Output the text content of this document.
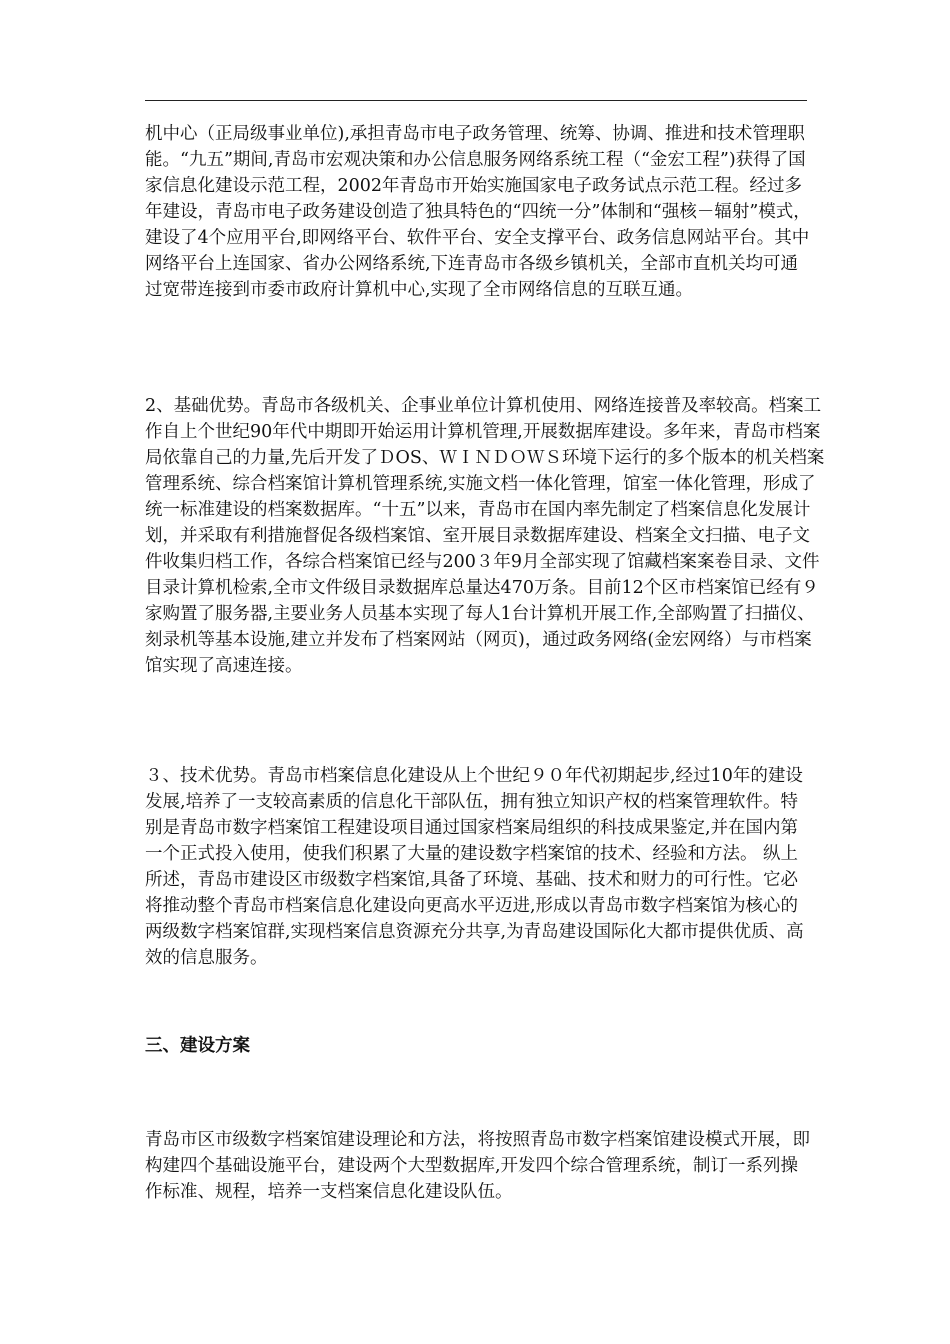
机中心（正局级事业单位),承担青岛市电子政务管理、统筹、协调、推进和技术管理职能。“九五”期间,青岛市宏观决策和办公信息服务网络系统工程（“金宏工程”)获得了国家信息化建设示范工程，2002年青岛市开始实施国家电子政务试点示范工程。经过多年建设，青岛市电子政务建设创造了独具特色的“四统一分”体制和“强核－辐射”模式，建设了4个应用平台,即网络平台、软件平台、安全支撑平台、政务信息网站平台。其中网络平台上连国家、省办公网络系统,下连青岛市各级乡镇机关，全部市直机关均可通过宽带连接到市委市政府计算机中心,实现了全市网络信息的互联互通。

2、基础优势。青岛市各级机关、企事业单位计算机使用、网络连接普及率较高。档案工作自上个世纪90年代中期即开始运用计算机管理,开展数据库建设。多年来，青岛市档案局依靠自己的力量,先后开发了ＤOS、ＷＩＮＤＯＷＳ环境下运行的多个版本的机关档案管理系统、综合档案馆计算机管理系统,实施文档一体化管理，馆室一体化管理，形成了统一标准建设的档案数据库。“十五”以来，青岛市在国内率先制定了档案信息化发展计划，并采取有利措施督促各级档案馆、室开展目录数据库建设、档案全文扫描、电子文件收集归档工作，各综合档案馆已经与200３年9月全部实现了馆藏档案案卷目录、文件目录计算机检索,全市文件级目录数据库总量达470万条。目前12个区市档案馆已经有９家购置了服务器,主要业务人员基本实现了每人1台计算机开展工作,全部购置了扫描仪、刻录机等基本设施,建立并发布了档案网站（网页)，通过政务网络(金宏网络）与市档案馆实现了高速连接。

３、技术优势。青岛市档案信息化建设从上个世纪９０年代初期起步,经过10年的建设发展,培养了一支较高素质的信息化干部队伍，拥有独立知识产权的档案管理软件。特别是青岛市数字档案馆工程建设项目通过国家档案局组织的科技成果鉴定,并在国内第一个正式投入使用，使我们积累了大量的建设数字档案馆的技术、经验和方法。 纵上所述，青岛市建设区市级数字档案馆,具备了环境、基础、技术和财力的可行性。它必将推动整个青岛市档案信息化建设向更高水平迈进,形成以青岛市数字档案馆为核心的两级数字档案馆群,实现档案信息资源充分共享,为青岛建设国际化大都市提供优质、高效的信息服务。

三、建设方案

青岛市区市级数字档案馆建设理论和方法，将按照青岛市数字档案馆建设模式开展，即构建四个基础设施平台，建设两个大型数据库,开发四个综合管理系统，制订一系列操作标准、规程，培养一支档案信息化建设队伍。
